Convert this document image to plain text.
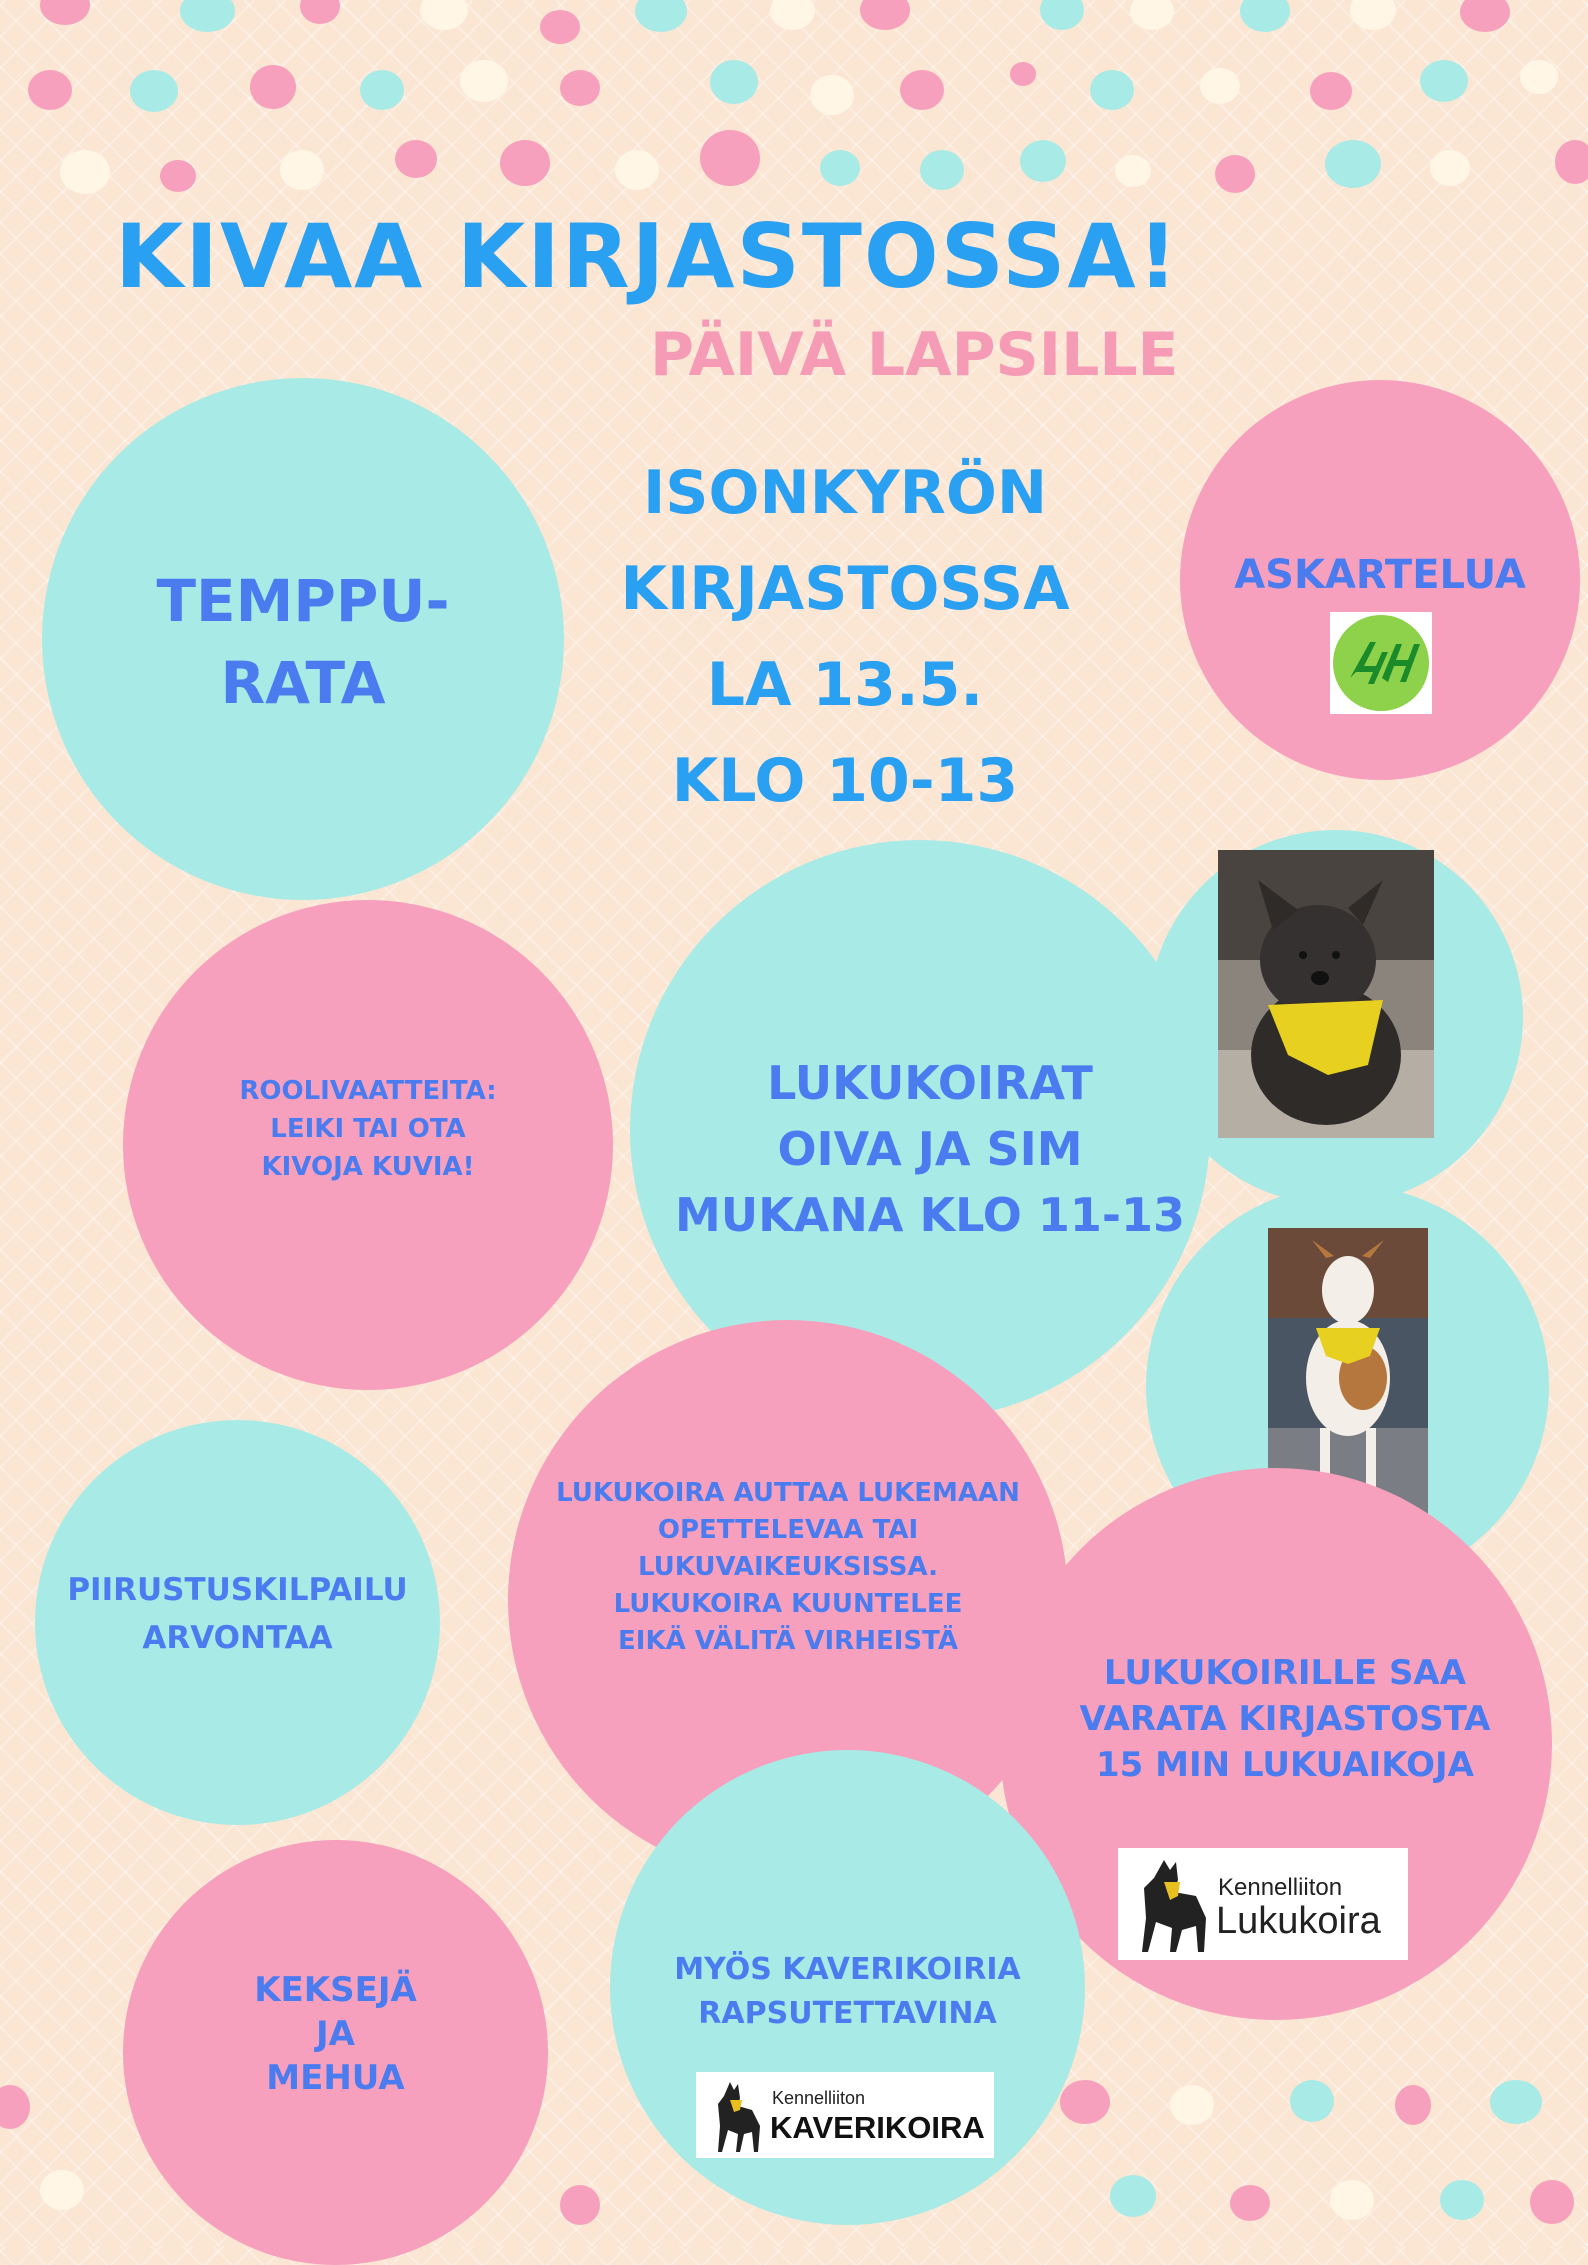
KIVAA KIRJASTOSSA!
PÄIVÄ LAPSILLE
ISONKYRÖN
KIRJASTOSSA
LA 13.5.
KLO 10-13
TEMPPU-
RATA
ASKARTELUA
ROOLIVAATTEITA:
LEIKI TAI OTA
KIVOJA KUVIA!
LUKUKOIRAT
OIVA JA SIM
MUKANA KLO 11-13
LUKUKOIRA AUTTAA LUKEMAAN
OPETTELEVAA TAI
LUKUVAIKEUKSISSA.
LUKUKOIRA KUUNTELEE
EIKÄ VÄLITÄ VIRHEISTÄ
LUKUKOIRILLE SAA
VARATA KIRJASTOSTA
15 MIN LUKUAIKOJA
Kennelliiton
Lukukoira
PIIRUSTUSKILPAILU
ARVONTAA
MYÖS KAVERIKOIRIA
RAPSUTETTAVINA
Kennelliiton
KAVERIKOIRA
KEKSEJÄ
JA
MEHUA
